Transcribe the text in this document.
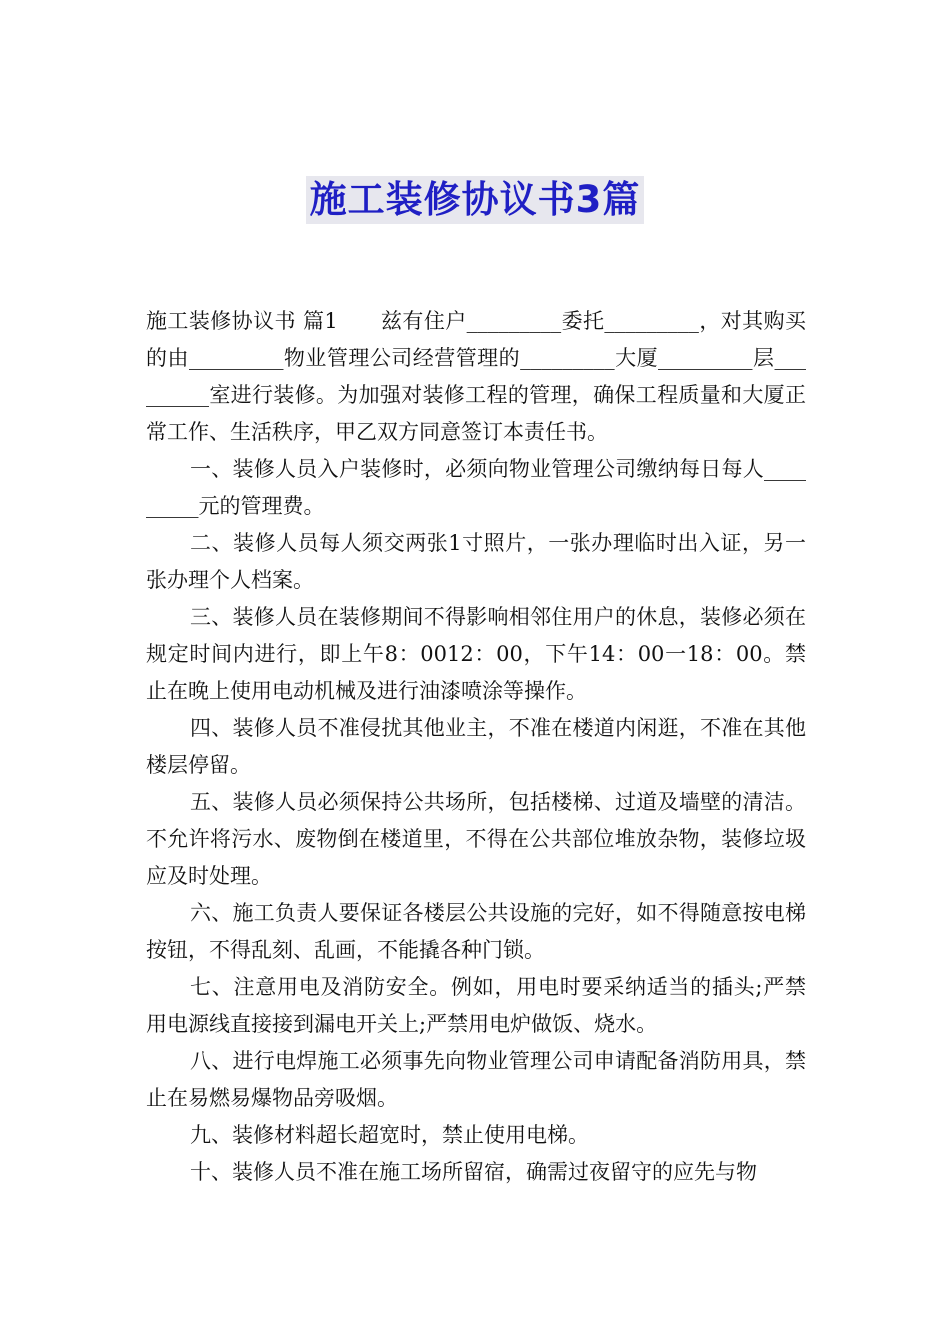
施工装修协议书3篇

施工装修协议书 篇1　　兹有住户_________委托_________，对其购买的由_________物业管理公司经营管理的_________大厦_________层_________室进行装修。为加强对装修工程的管理，确保工程质量和大厦正常工作、生活秩序，甲乙双方同意签订本责任书。

一、装修人员入户装修时，必须向物业管理公司缴纳每日每人_________元的管理费。

二、装修人员每人须交两张1寸照片，一张办理临时出入证，另一张办理个人档案。

三、装修人员在装修期间不得影响相邻住用户的休息，装修必须在规定时间内进行，即上午8：0012：00，下午14：00一18：00。禁止在晚上使用电动机械及进行油漆喷涂等操作。

四、装修人员不准侵扰其他业主，不准在楼道内闲逛，不准在其他楼层停留。

五、装修人员必须保持公共场所，包括楼梯、过道及墙壁的清洁。不允许将污水、废物倒在楼道里，不得在公共部位堆放杂物，装修垃圾应及时处理。

六、施工负责人要保证各楼层公共设施的完好，如不得随意按电梯按钮，不得乱刻、乱画，不能撬各种门锁。

七、注意用电及消防安全。例如，用电时要采纳适当的插头;严禁用电源线直接接到漏电开关上;严禁用电炉做饭、烧水。

八、进行电焊施工必须事先向物业管理公司申请配备消防用具，禁止在易燃易爆物品旁吸烟。

九、装修材料超长超宽时，禁止使用电梯。

十、装修人员不准在施工场所留宿，确需过夜留守的应先与物
